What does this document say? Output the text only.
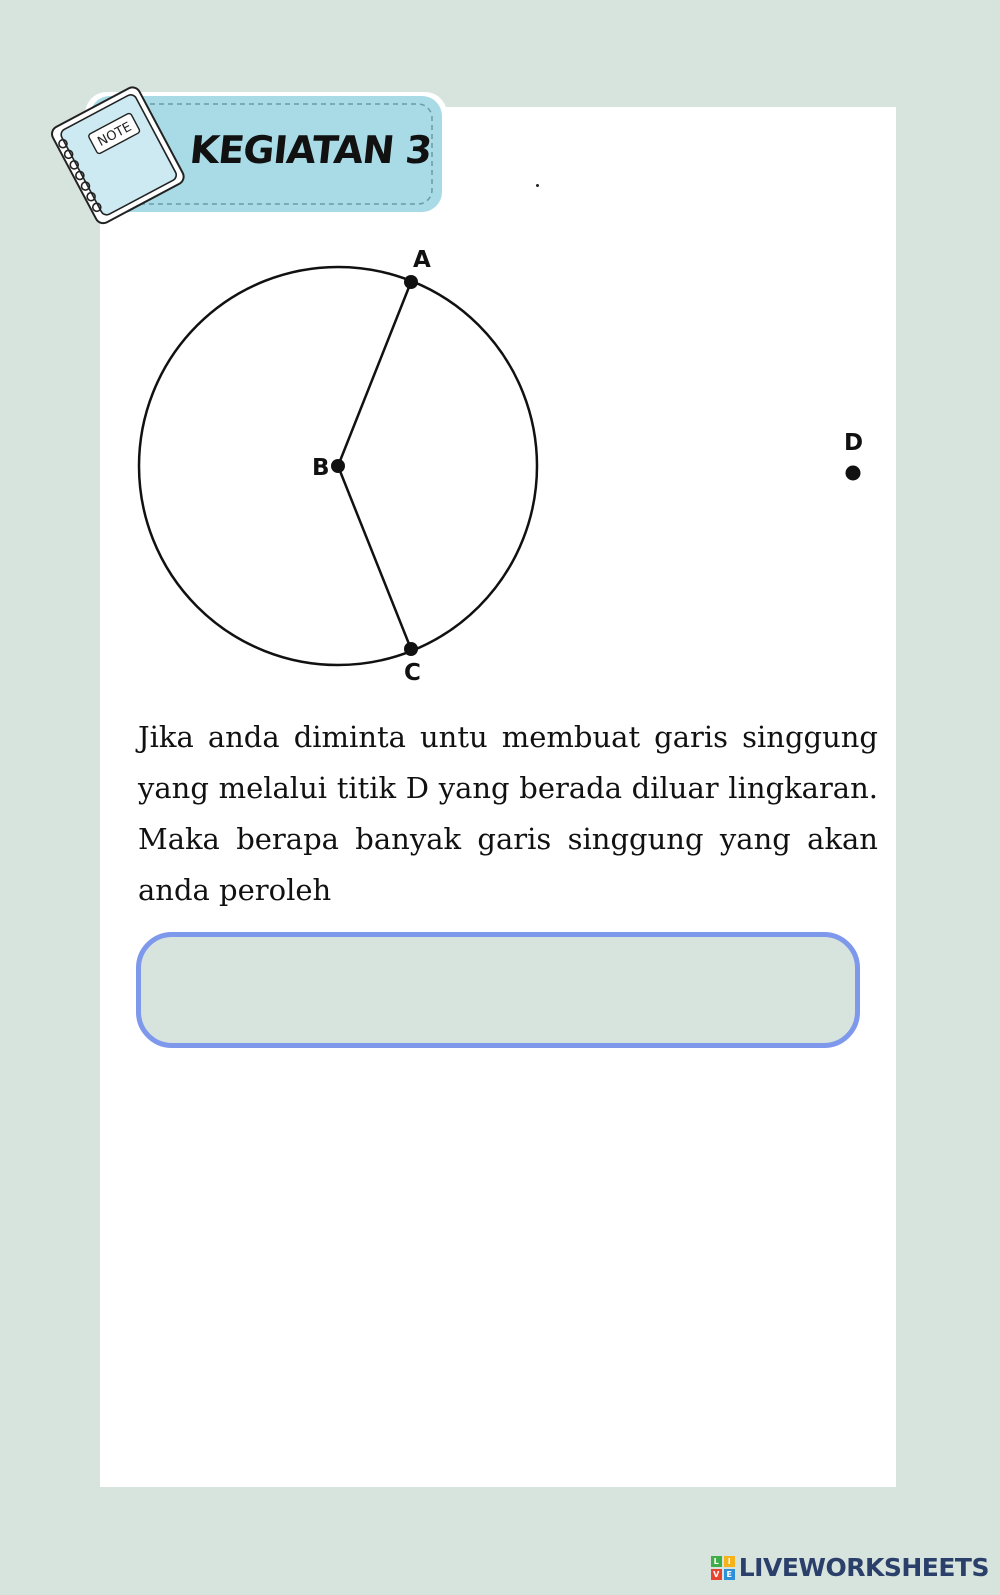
NOTE KEGIATAN 3
A
B
C
D

Jika anda diminta untu membuat garis singgung yang melalui titik D yang berada diluar lingkaran. Maka berapa banyak garis singgung yang akan anda peroleh

L	I
V E LIVEWORKSHEETS
